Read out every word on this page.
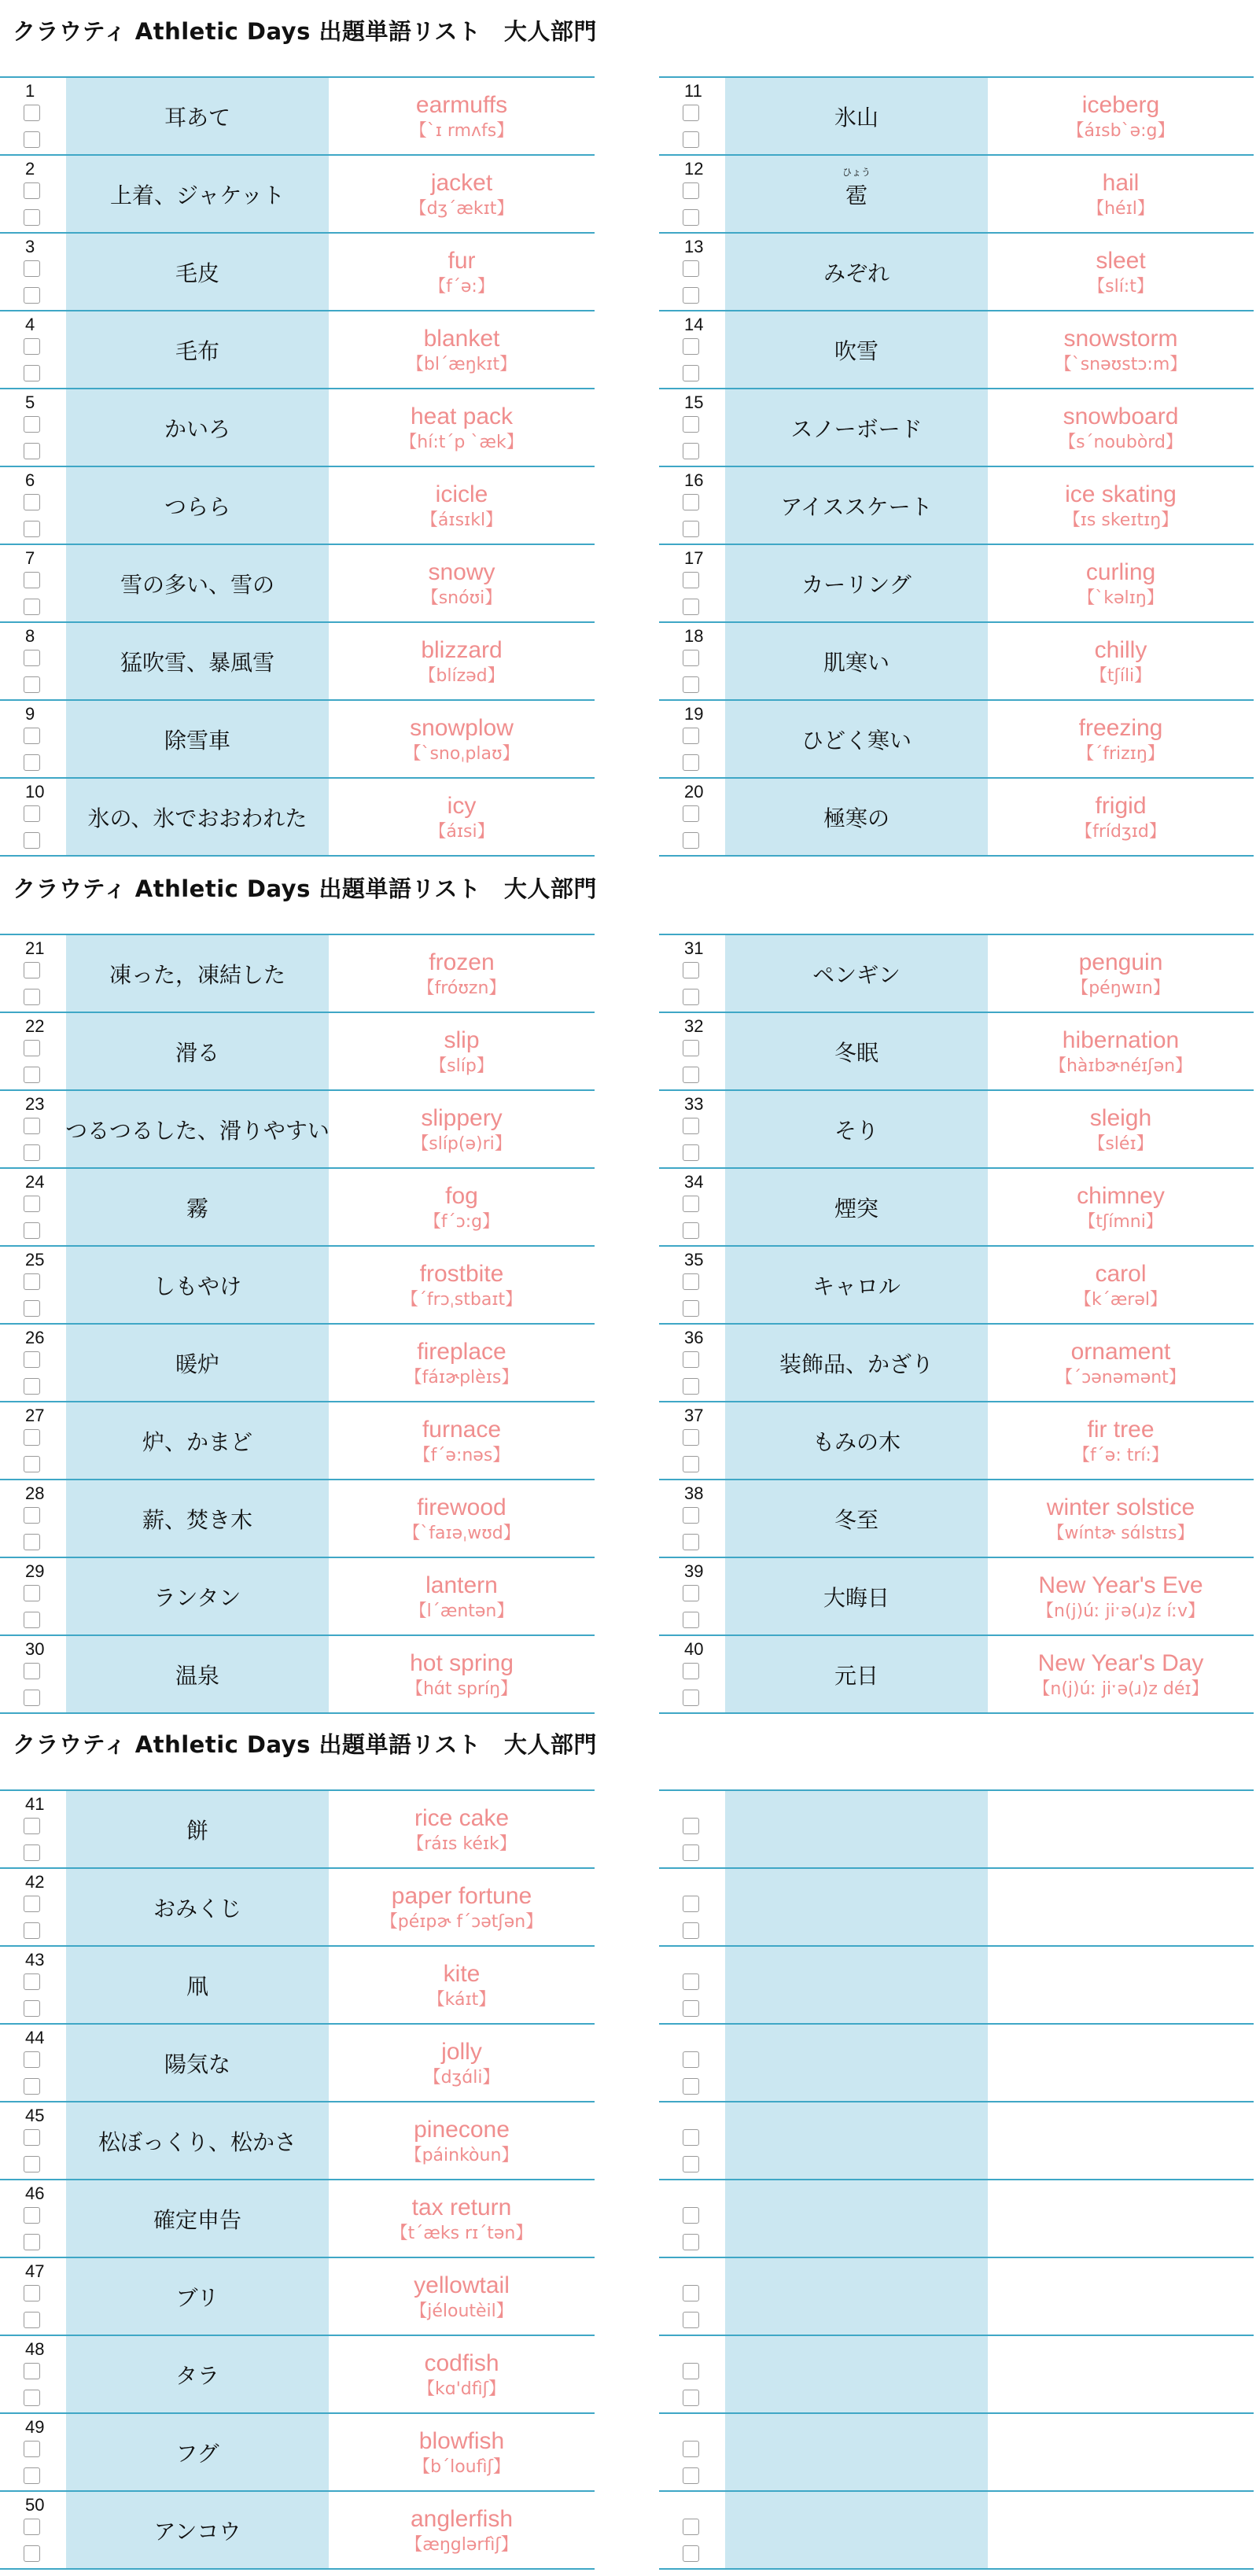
クラウティ Athletic Days 出題単語リスト　大人部門
1
耳あて	earmuffs
【ˋɪ rmʌfs】
2
上着、ジャケット	jacket
【dʒˊækɪt】
3
毛皮	fur
【fˊə:】
4
毛布	blanket
【blˊæŋkɪt】
5
かいろ	heat pack
【hí:tˊp ˋæk】
6
つらら	icicle
【áɪsɪkl】
7
雪の多い、雪の	snowy
【snóʊi】
8
猛吹雪、暴風雪	blizzard
【blízəd】
9
除雪車	snowplow
【ˋsnoˌplaʊ】
10
氷の、氷でおおわれた	icy
【áɪsi】
11
氷山	iceberg
【áɪsbˋə:g】
12	ひょう
雹	hail
【héɪl】
13
みぞれ	sleet
【slí:t】
14
吹雪	snowstorm
【ˋsnəʊstɔ:m】
15
スノーボード	snowboard
【sˊnoubòrd】
16
アイススケート	ice skating
【ɪs skeɪtɪŋ】
17
カーリング	curling
【ˋkəlɪŋ】
18
肌寒い	chilly
【tʃíli】
19
ひどく寒い	freezing
【ˊfrizɪŋ】
20
極寒の	frigid
【frídʒɪd】
クラウティ Athletic Days 出題単語リスト　大人部門
21
凍った，凍結した	frozen
【fróʊzn】
22
滑る	slip
【slíp】
23
つるつるした、滑りやすい	slippery
【slíp(ə)ri】
24
霧	fog
【fˊɔ:g】
25
しもやけ	frostbite
【ˊfrɔˌstbaɪt】
26
暖炉	fireplace
【fáɪɚplèɪs】
27
炉、かまど	furnace
【fˊə:nəs】
28
薪、焚き木	firewood
【ˋfaɪəˌwʊd】
29
ランタン	lantern
【lˊæntən】
30
温泉	hot spring
【hɑ́t spríŋ】
31
ペンギン	penguin
【péŋwɪn】
32
冬眠	hibernation
【hàɪbɚnéɪʃən】
33
そり	sleigh
【sléɪ】
34
煙突	chimney
【tʃímni】
35
キャロル	carol
【kˊærəl】
36
装飾品、かざり	ornament
【ˊɔənəmənt】
37
もみの木	fir tree
【fˊə: trí:】
38
冬至	winter solstice
【wíntɚ sɑ́lstɪs】
39
大晦日	New Year's Eve
【n(j)úː jiˑə(ɹ)z íːv】
40
元日	New Year's Day
【n(j)úː jiˑə(ɹ)z déɪ】
クラウティ Athletic Days 出題単語リスト　大人部門
41
餅	rice cake
【ráɪs kéɪk】
42
おみくじ	paper fortune
【péɪpɚ fˊɔətʃən】
43
凧	kite
【káɪt】
44
陽気な	jolly
【dʒɑ́li】
45
松ぼっくり、松かさ	pinecone
【páinkòun】
46
確定申告	tax return
【tˊæks rɪˊtən】
47
ブリ	yellowtail
【jéloutèil】
48
タラ	codfish
【kɑ'dfìʃ】
49
フグ	blowfish
【bˊloufìʃ】
50
アンコウ	anglerfish
【æŋglərfìʃ】
